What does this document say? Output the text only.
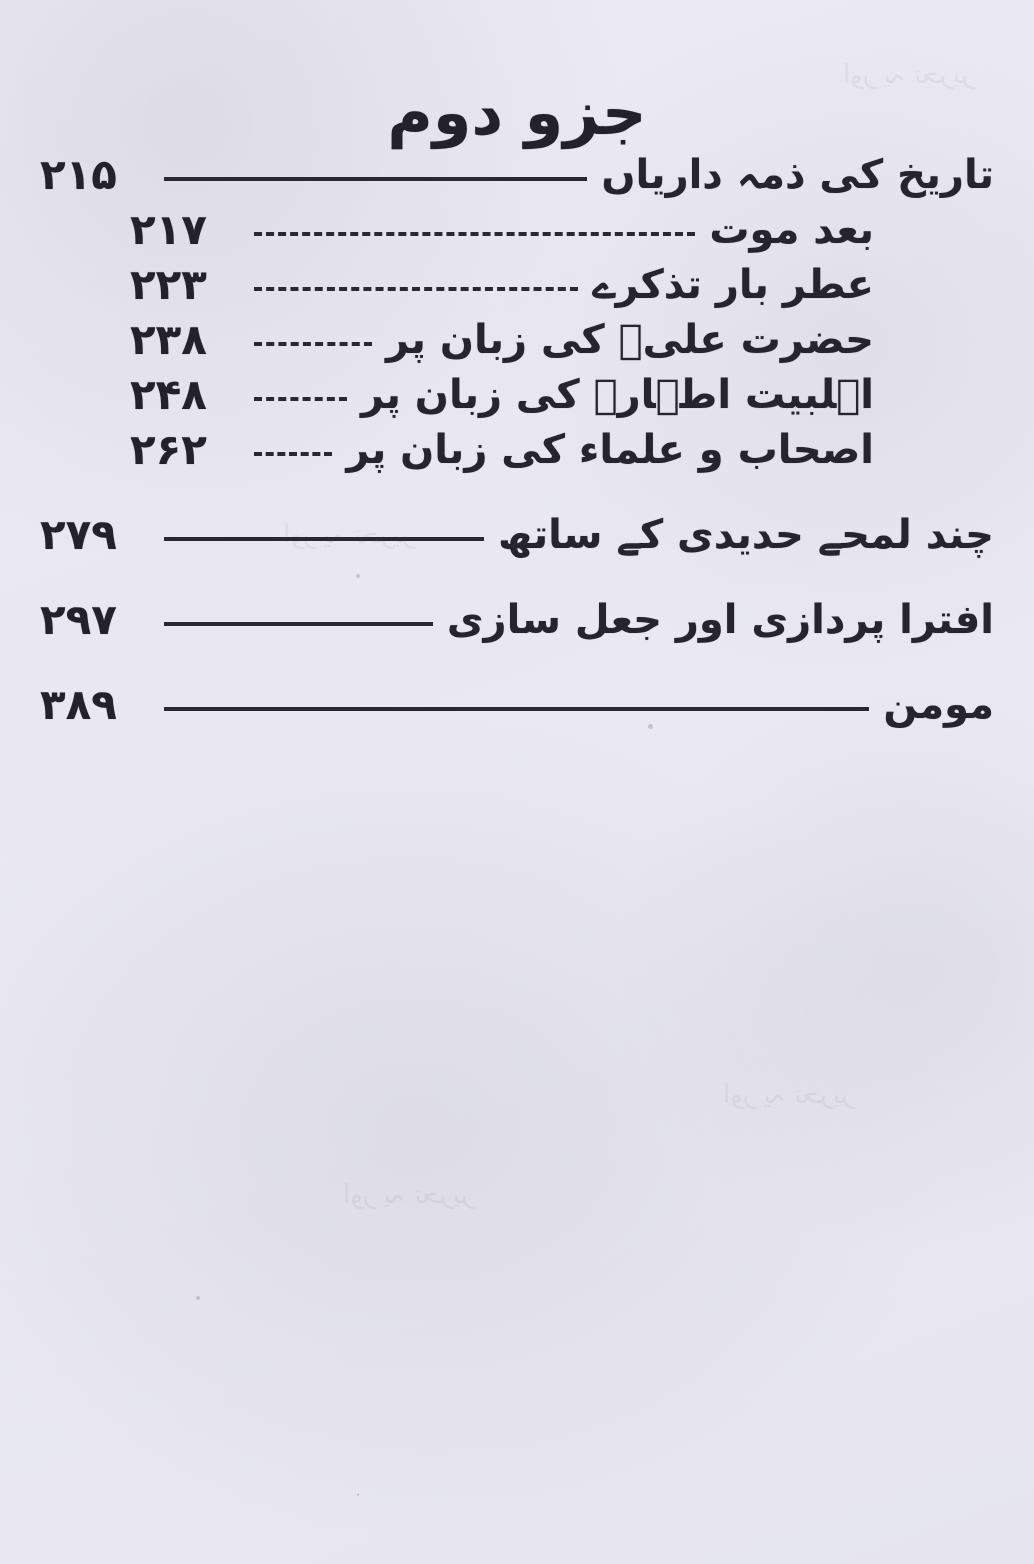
اور یہ تحریر
اور یہ تحریر
اور یہ تحریر
اور یہ تحریر
جزو دوم
تاریخ کی ذمہ داریاں
۲۱۵
بعد موت
۲۱۷
عطر بار تذکرے
۲۲۳
حضرت علیؑ کی زبان پر
۲۳۸
اہلبیت اطہارؑ کی زبان پر
۲۴۸
اصحاب و علماء کی زبان پر
۲۶۲
چند لمحے حدیدی کے ساتھ
۲۷۹
افترا پردازی اور جعل سازی
۲۹۷
مومن
۳۸۹
·
